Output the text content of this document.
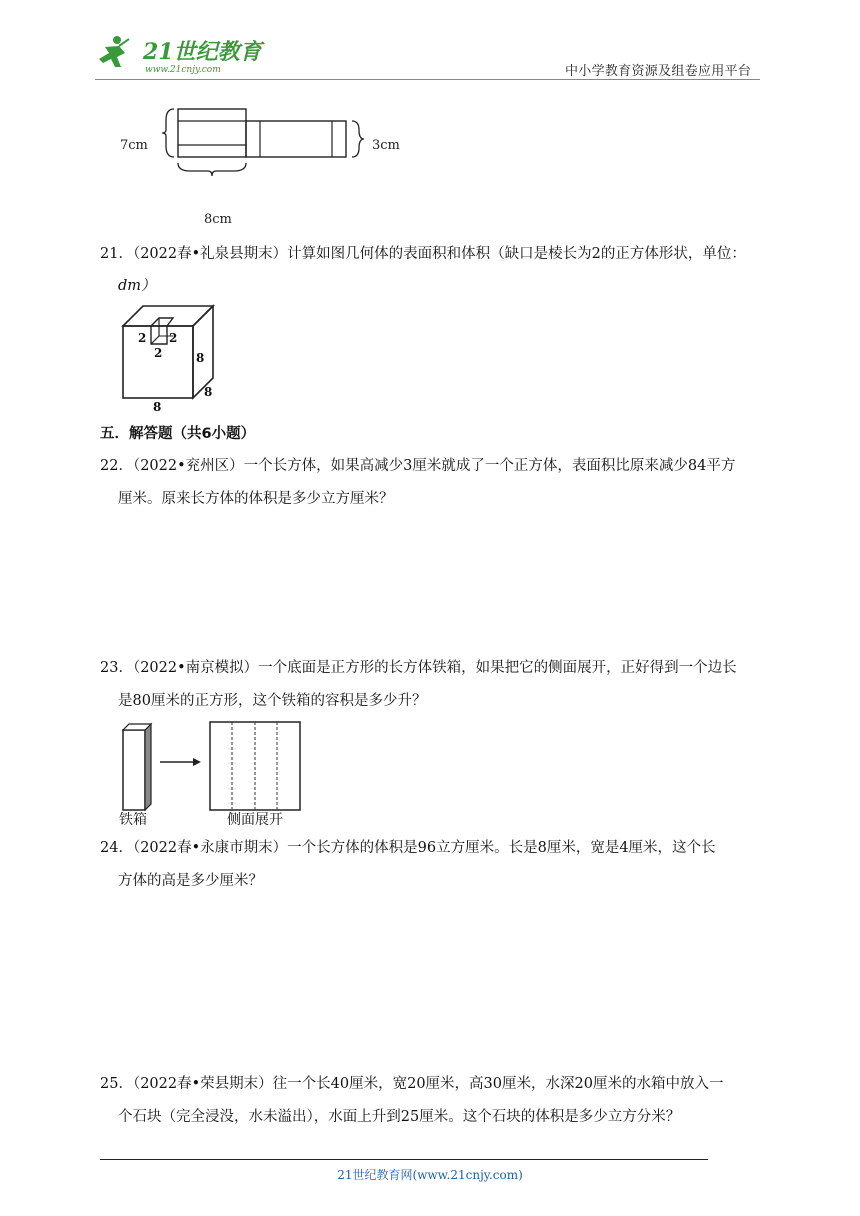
21世纪教育
www.21cnjy.com	中小学教育资源及组卷应用平台
7cm	3cm
8cm
21．（2022春•礼泉县期末）计算如图几何体的表面积和体积（缺口是棱长为2的正方体形状，单位：
dm）
2 2
2	8
8
8
五．解答题（共6小题）
22．（2022•兖州区）一个长方体，如果高减少3厘米就成了一个正方体，表面积比原来减少84平方
厘米。原来长方体的体积是多少立方厘米？
23．（2022•南京模拟）一个底面是正方形的长方体铁箱，如果把它的侧面展开，正好得到一个边长
是80厘米的正方形，这个铁箱的容积是多少升？
铁箱	侧面展开
24．（2022春•永康市期末）一个长方体的体积是96立方厘米。长是8厘米，宽是4厘米，这个长
方体的高是多少厘米？
25．（2022春•荣县期末）往一个长40厘米，宽20厘米，高30厘米，水深20厘米的水箱中放入一
个石块（完全浸没，水未溢出），水面上升到25厘米。这个石块的体积是多少立方分米？
21世纪教育网(www.21cnjy.com)
